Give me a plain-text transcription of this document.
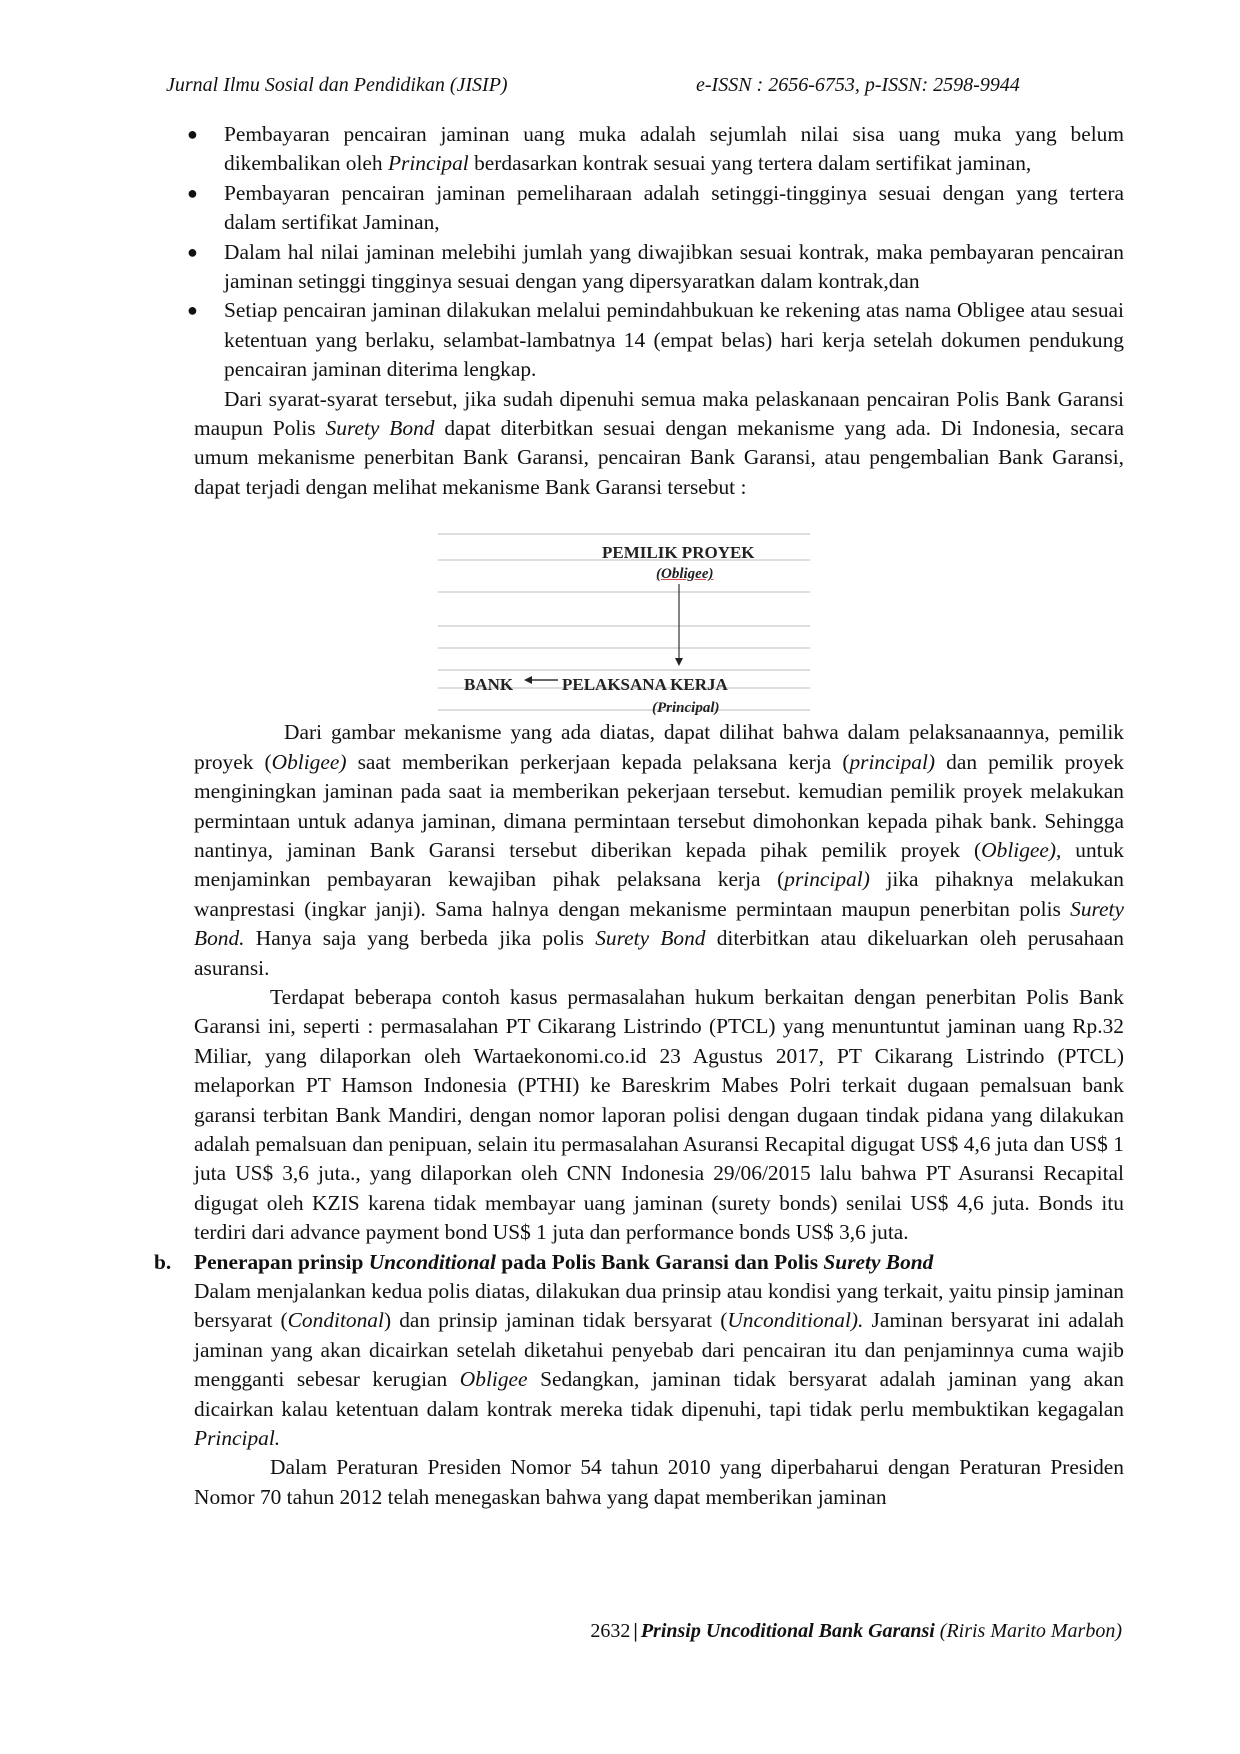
Jurnal Ilmu Sosial dan Pendidikan (JISIP)	e-ISSN : 2656-6753, p-ISSN: 2598-9944
● Pembayaran pencairan jaminan uang muka adalah sejumlah nilai sisa uang muka yang belum dikembalikan oleh Principal berdasarkan kontrak sesuai yang tertera dalam sertifikat jaminan,
● Pembayaran pencairan jaminan pemeliharaan adalah setinggi-tingginya sesuai dengan yang tertera dalam sertifikat Jaminan,
● Dalam hal nilai jaminan melebihi jumlah yang diwajibkan sesuai kontrak, maka pembayaran pencairan jaminan setinggi tingginya sesuai dengan yang dipersyaratkan dalam kontrak,dan
● Setiap pencairan jaminan dilakukan melalui pemindahbukuan ke rekening atas nama Obligee atau sesuai ketentuan yang berlaku, selambat-lambatnya 14 (empat belas) hari kerja setelah dokumen pendukung pencairan jaminan diterima lengkap.

Dari syarat-syarat tersebut, jika sudah dipenuhi semua maka pelaskanaan pencairan Polis Bank Garansi maupun Polis Surety Bond dapat diterbitkan sesuai dengan mekanisme yang ada. Di Indonesia, secara umum mekanisme penerbitan Bank Garansi, pencairan Bank Garansi, atau pengembalian Bank Garansi, dapat terjadi dengan melihat mekanisme Bank Garansi tersebut :

PEMILIK PROYEK
(Obligee)
BANK	PELAKSANA KERJA
(Principal)

Dari gambar mekanisme yang ada diatas, dapat dilihat bahwa dalam pelaksanaannya, pemilik proyek (Obligee) saat memberikan perkerjaan kepada pelaksana kerja (principal) dan pemilik proyek menginingkan jaminan pada saat ia memberikan pekerjaan tersebut. kemudian pemilik proyek melakukan permintaan untuk adanya jaminan, dimana permintaan tersebut dimohonkan kepada pihak bank. Sehingga nantinya, jaminan Bank Garansi tersebut diberikan kepada pihak pemilik proyek (Obligee), untuk menjaminkan pembayaran kewajiban pihak pelaksana kerja (principal) jika pihaknya melakukan wanprestasi (ingkar janji). Sama halnya dengan mekanisme permintaan maupun penerbitan polis Surety Bond. Hanya saja yang berbeda jika polis Surety Bond diterbitkan atau dikeluarkan oleh perusahaan asuransi.

Terdapat beberapa contoh kasus permasalahan hukum berkaitan dengan penerbitan Polis Bank Garansi ini, seperti : permasalahan PT Cikarang Listrindo (PTCL) yang menuntuntut jaminan uang Rp.32 Miliar, yang dilaporkan oleh Wartaekonomi.co.id 23 Agustus 2017, PT Cikarang Listrindo (PTCL) melaporkan PT Hamson Indonesia (PTHI) ke Bareskrim Mabes Polri terkait dugaan pemalsuan bank garansi terbitan Bank Mandiri, dengan nomor laporan polisi dengan dugaan tindak pidana yang dilakukan adalah pemalsuan dan penipuan, selain itu permasalahan Asuransi Recapital digugat US$ 4,6 juta dan US$ 1 juta US$ 3,6 juta., yang dilaporkan oleh CNN Indonesia 29/06/2015 lalu bahwa PT Asuransi Recapital digugat oleh KZIS karena tidak membayar uang jaminan (surety bonds) senilai US$ 4,6 juta. Bonds itu terdiri dari advance payment bond US$ 1 juta dan performance bonds US$ 3,6 juta.

b. Penerapan prinsip Unconditional pada Polis Bank Garansi dan Polis Surety Bond

Dalam menjalankan kedua polis diatas, dilakukan dua prinsip atau kondisi yang terkait, yaitu pinsip jaminan bersyarat (Conditonal) dan prinsip jaminan tidak bersyarat (Unconditional). Jaminan bersyarat ini adalah jaminan yang akan dicairkan setelah diketahui penyebab dari pencairan itu dan penjaminnya cuma wajib mengganti sebesar kerugian Obligee Sedangkan, jaminan tidak bersyarat adalah jaminan yang akan dicairkan kalau ketentuan dalam kontrak mereka tidak dipenuhi, tapi tidak perlu membuktikan kegagalan Principal.

Dalam Peraturan Presiden Nomor 54 tahun 2010 yang diperbaharui dengan Peraturan Presiden Nomor 70 tahun 2012 telah menegaskan bahwa yang dapat memberikan jaminan

2632 | Prinsip Uncoditional Bank Garansi (Riris Marito Marbon)
